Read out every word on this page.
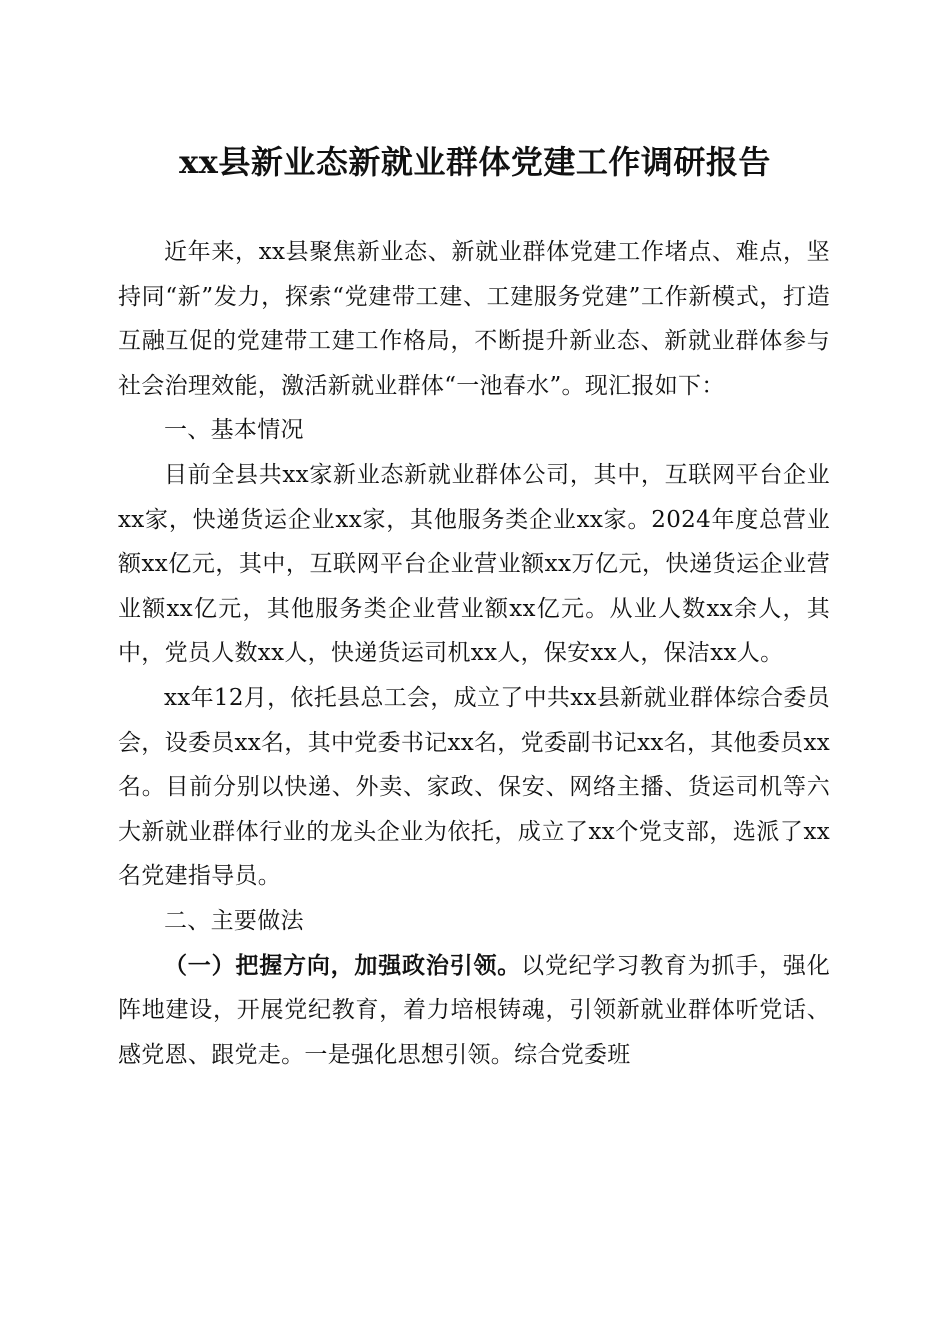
xx县新业态新就业群体党建工作调研报告

近年来，xx县聚焦新业态、新就业群体党建工作堵点、难点，坚持同“新”发力，探索“党建带工建、工建服务党建”工作新模式，打造互融互促的党建带工建工作格局，不断提升新业态、新就业群体参与社会治理效能，激活新就业群体“一池春水”。现汇报如下：

一、基本情况

目前全县共xx家新业态新就业群体公司，其中，互联网平台企业xx家，快递货运企业xx家，其他服务类企业xx家。2024年度总营业额xx亿元，其中，互联网平台企业营业额xx万亿元，快递货运企业营业额xx亿元，其他服务类企业营业额xx亿元。从业人数xx余人，其中，党员人数xx人，快递货运司机xx人，保安xx人，保洁xx人。

xx年12月，依托县总工会，成立了中共xx县新就业群体综合委员会，设委员xx名，其中党委书记xx名，党委副书记xx名，其他委员xx名。目前分别以快递、外卖、家政、保安、网络主播、货运司机等六大新就业群体行业的龙头企业为依托，成立了xx个党支部，选派了xx名党建指导员。

二、主要做法

（一）把握方向，加强政治引领。以党纪学习教育为抓手，强化阵地建设，开展党纪教育，着力培根铸魂，引领新就业群体听党话、感党恩、跟党走。一是强化思想引领。综合党委班
